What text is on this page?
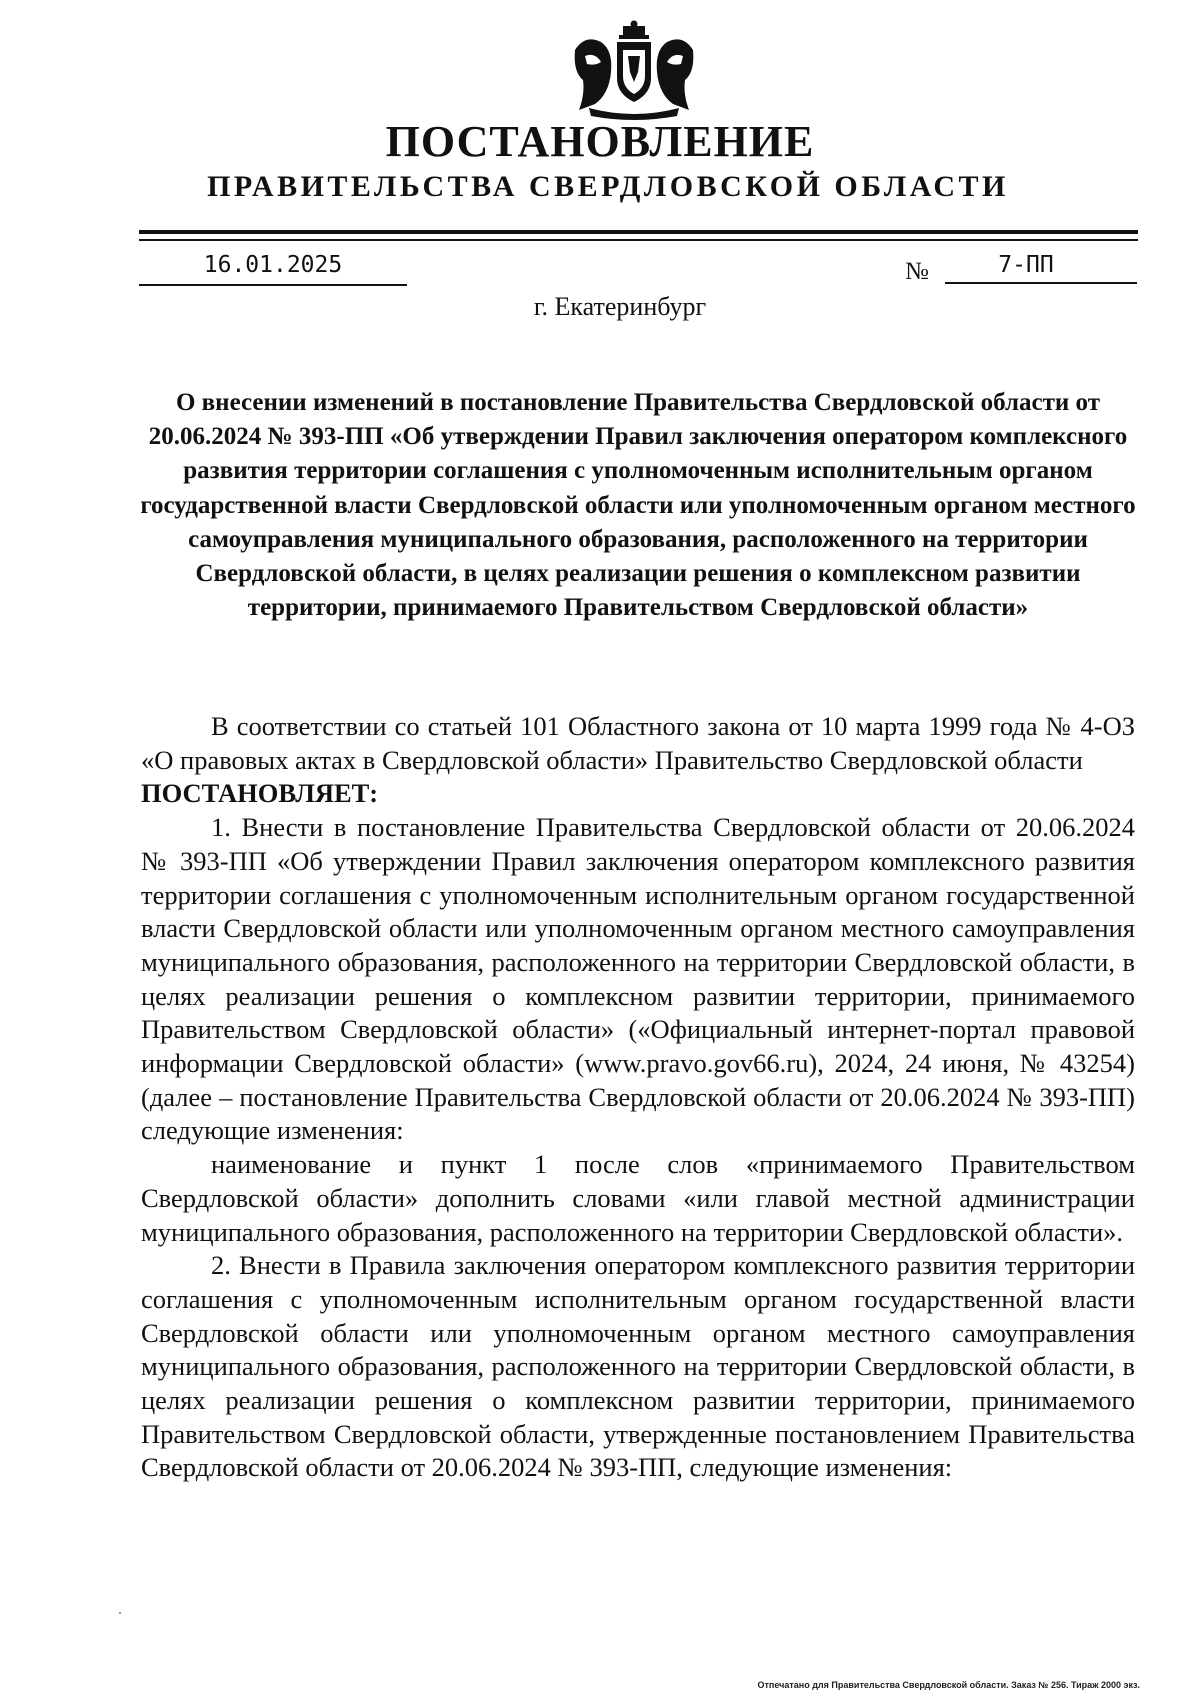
ПОСТАНОВЛЕНИЕ
ПРАВИТЕЛЬСТВА СВЕРДЛОВСКОЙ ОБЛАСТИ
16.01.2025	№	7-ПП

г. Екатеринбург

О внесении изменений в постановление Правительства Свердловской области от 20.06.2024 № 393-ПП «Об утверждении Правил заключения оператором комплексного развития территории соглашения с уполномоченным исполнительным органом государственной власти Свердловской области или уполномоченным органом местного самоуправления муниципального образования, расположенного на территории Свердловской области, в целях реализации решения о комплексном развитии территории, принимаемого Правительством Свердловской области»

В соответствии со статьей 101 Областного закона от 10 марта 1999 года № 4-ОЗ «О правовых актах в Свердловской области» Правительство Свердловской области

ПОСТАНОВЛЯЕТ:

1. Внести в постановление Правительства Свердловской области от 20.06.2024 № 393-ПП «Об утверждении Правил заключения оператором комплексного развития территории соглашения с уполномоченным исполнительным органом государственной власти Свердловской области или уполномоченным органом местного самоуправления муниципального образования, расположенного на территории Свердловской области, в целях реализации решения о комплексном развитии территории, принимаемого Правительством Свердловской области» («Официальный интернет-портал правовой информации Свердловской области» (www.pravo.gov66.ru), 2024, 24 июня, № 43254) (далее – постановление Правительства Свердловской области от 20.06.2024 № 393-ПП) следующие изменения:

наименование и пункт 1 после слов «принимаемого Правительством Свердловской области» дополнить словами «или главой местной администрации муниципального образования, расположенного на территории Свердловской области».

2. Внести в Правила заключения оператором комплексного развития территории соглашения с уполномоченным исполнительным органом государственной власти Свердловской области или уполномоченным органом местного самоуправления муниципального образования, расположенного на территории Свердловской области, в целях реализации решения о комплексном развитии территории, принимаемого Правительством Свердловской области, утвержденные постановлением Правительства Свердловской области от 20.06.2024 № 393-ПП, следующие изменения:

Отпечатано для Правительства Свердловской области. Заказ № 256. Тираж 2000 экз.
